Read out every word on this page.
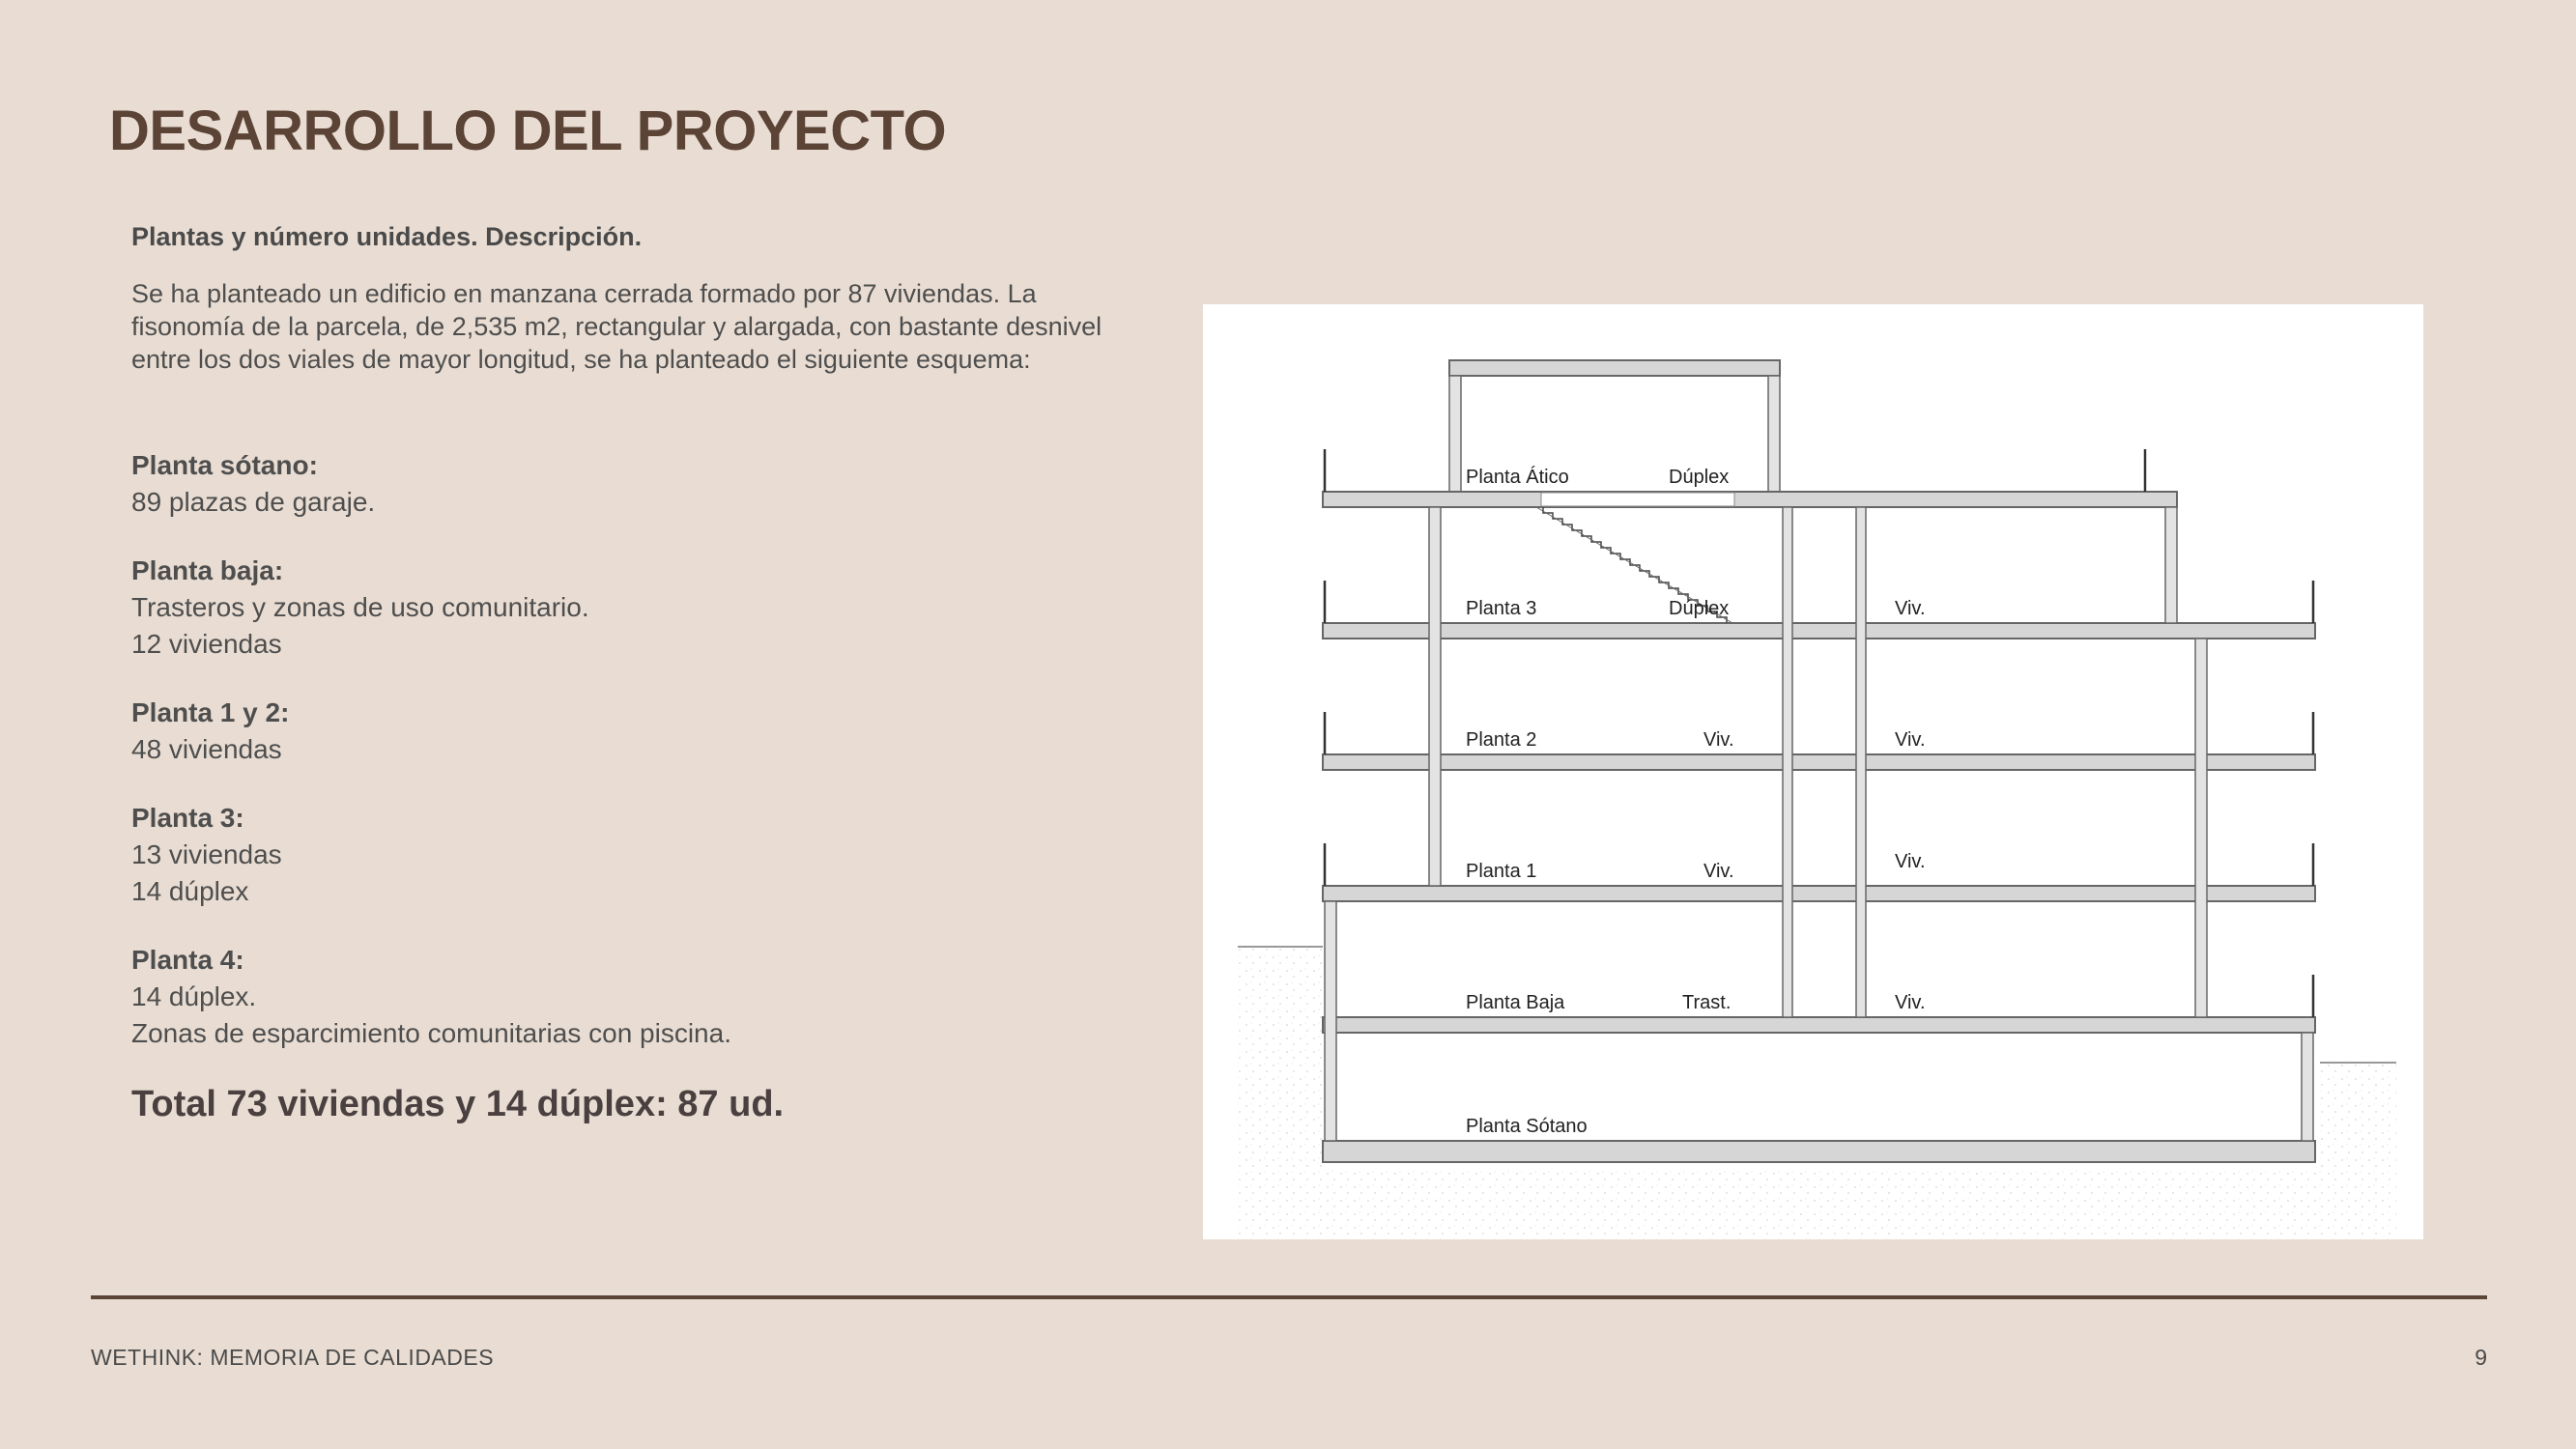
DESARROLLO DEL PROYECTO

Plantas y número unidades. Descripción.

Se ha planteado un edificio en manzana cerrada formado por 87 viviendas. La fisonomía de la parcela, de 2,535 m2, rectangular y alargada, con bastante desnivel entre los dos viales de mayor longitud, se ha planteado el siguiente esquema:

Planta sótano:
89 plazas de garaje.
Planta baja:
Trasteros y zonas de uso comunitario.
12 viviendas
Planta 1 y 2:
48 viviendas
Planta 3:
13 viviendas
14 dúplex
Planta 4:
14 dúplex.
Zonas de esparcimiento comunitarias con piscina.
Total 73 viviendas y 14 dúplex: 87 ud.
Planta Ático	Dúplex
Planta 3	Dúplex	Viv.
Planta 2	Viv.	Viv.
Planta 1	Viv.	Viv.
Planta Baja	Trast.	Viv.
Planta Sótano
WETHINK: MEMORIA DE CALIDADES	9
